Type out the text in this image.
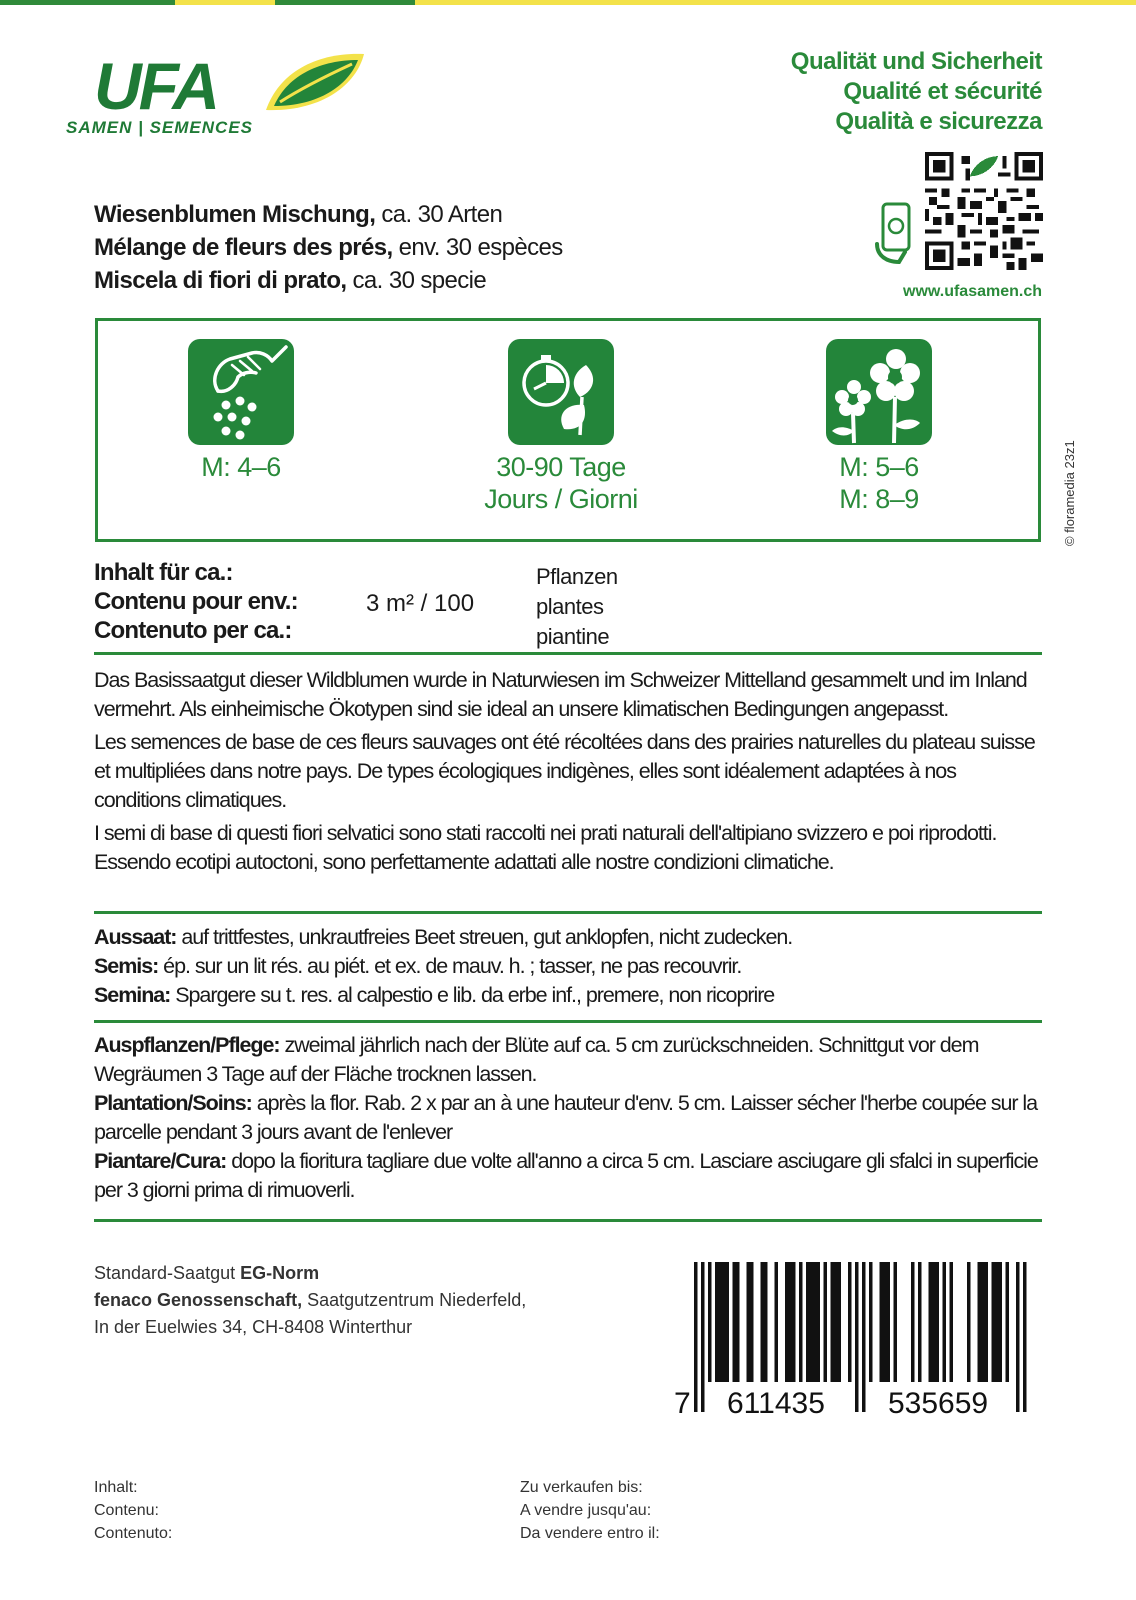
UFA
SAMEN | SEMENCES
Qualität und Sicherheit
Qualité et sécurité
Qualità e sicurezza
Wiesenblumen Mischung, ca. 30 Arten
Mélange de fleurs des prés, env. 30 espèces
Miscela di fiori di prato, ca. 30 specie	www.ufasamen.ch
© floramedia 23z1
M: 4–6	30-90 Tage
Jours / Giorni
M: 5–6
M: 8–9
Inhalt für ca.:
Contenu pour env.:
Contenuto per ca.:
3 m² / 100
Pflanzen
plantes
piantine

Das Basissaatgut dieser Wildblumen wurde in Naturwiesen im Schweizer Mittelland gesammelt und im Inland vermehrt. Als einheimische Ökotypen sind sie ideal an unsere klimatischen Bedingungen angepasst.

Les semences de base de ces fleurs sauvages ont été récoltées dans des prairies naturelles du plateau suisse et multipliées dans notre pays. De types écologiques indigènes, elles sont idéalement adaptées à nos conditions climatiques.

I semi di base di questi fiori selvatici sono stati raccolti nei prati naturali dell'altipiano svizzero e poi riprodotti. Essendo ecotipi autoctoni, sono perfettamente adattati alle nostre condizioni climatiche.

Aussaat: auf trittfestes, unkrautfreies Beet streuen, gut anklopfen, nicht zudecken.

Semis: ép. sur un lit rés. au piét. et ex. de mauv. h. ; tasser, ne pas recouvrir.

Semina: Spargere su t. res. al calpestio e lib. da erbe inf., premere, non ricoprire

Auspflanzen/Pflege: zweimal jährlich nach der Blüte auf ca. 5 cm zurückschneiden. Schnittgut vor dem Wegräumen 3 Tage auf der Fläche trocknen lassen.

Plantation/Soins: après la flor. Rab. 2 x par an à une hauteur d'env. 5 cm. Laisser sécher l'herbe coupée sur la parcelle pendant 3 jours avant de l'enlever

Piantare/Cura: dopo la fioritura tagliare due volte all'anno a circa 5 cm. Lasciare asciugare gli sfalci in superficie per 3 giorni prima di rimuoverli.

Standard-Saatgut EG-Norm
fenaco Genossenschaft, Saatgutzentrum Niederfeld,
In der Euelwies 34, CH-8408 Winterthur
7 611435 535659
Inhalt:
Contenu:
Contenuto:
Zu verkaufen bis:
A vendre jusqu'au:
Da vendere entro il:
